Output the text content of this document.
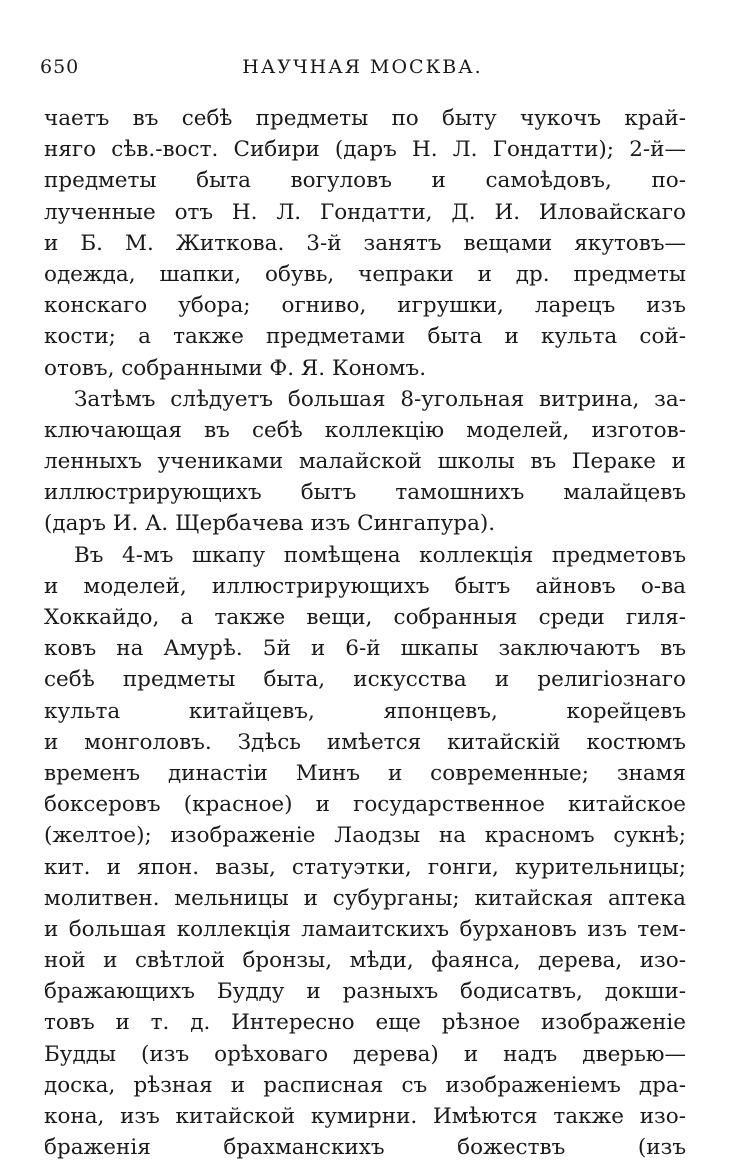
650	НАУЧНАЯ МОСКВА.
чаетъ въ себѣ предметы по быту чукочъ край-
няго сѣв.-вост. Сибири (даръ Н. Л. Гондатти); 2-й—
предметы быта вогуловъ и самоѣдовъ, по-
лученные отъ Н. Л. Гондатти, Д. И. Иловайскаго
и Б. М. Житкова. 3-й занятъ вещами якутовъ—
одежда, шапки, обувь, чепраки и др. предметы
конскаго убора; огниво, игрушки, ларецъ изъ
кости; а также предметами быта и культа сой-
отовъ, собранными Ф. Я. Кономъ.
Затѣмъ слѣдуетъ большая 8-угольная витрина, за-
ключающая въ себѣ коллекцію моделей, изготов-
ленныхъ учениками малайской школы въ Пераке и
иллюстрирующихъ бытъ тамошнихъ малайцевъ
(даръ И. А. Щербачева изъ Сингапура).
Въ 4-мъ шкапу помѣщена коллекція предметовъ
и моделей, иллюстрирующихъ бытъ айновъ о-ва
Хоккайдо, а также вещи, собранныя среди гиля-
ковъ на Амурѣ. 5й и 6-й шкапы заключаютъ въ
себѣ предметы быта, искусства и религіознаго
культа китайцевъ, японцевъ, корейцевъ
и монголовъ. Здѣсь имѣется китайскій костюмъ
временъ династіи Минъ и современные; знамя
боксеровъ (красное) и государственное китайское
(желтое); изображеніе Лаодзы на красномъ сукнѣ;
кит. и япон. вазы, статуэтки, гонги, курительницы;
молитвен. мельницы и субурганы; китайская аптека
и большая коллекція ламаитскихъ бурхановъ изъ тем-
ной и свѣтлой бронзы, мѣди, фаянса, дерева, изо-
бражающихъ Будду и разныхъ бодисатвъ, докши-
товъ и т. д. Интересно еще рѣзное изображеніе
Будды (изъ орѣховаго дерева) и надъ дверью—
доска, рѣзная и расписная съ изображеніемъ дра-
кона, изъ китайской кумирни. Имѣются также изо-
браженія брахманскихъ божествъ (изъ
